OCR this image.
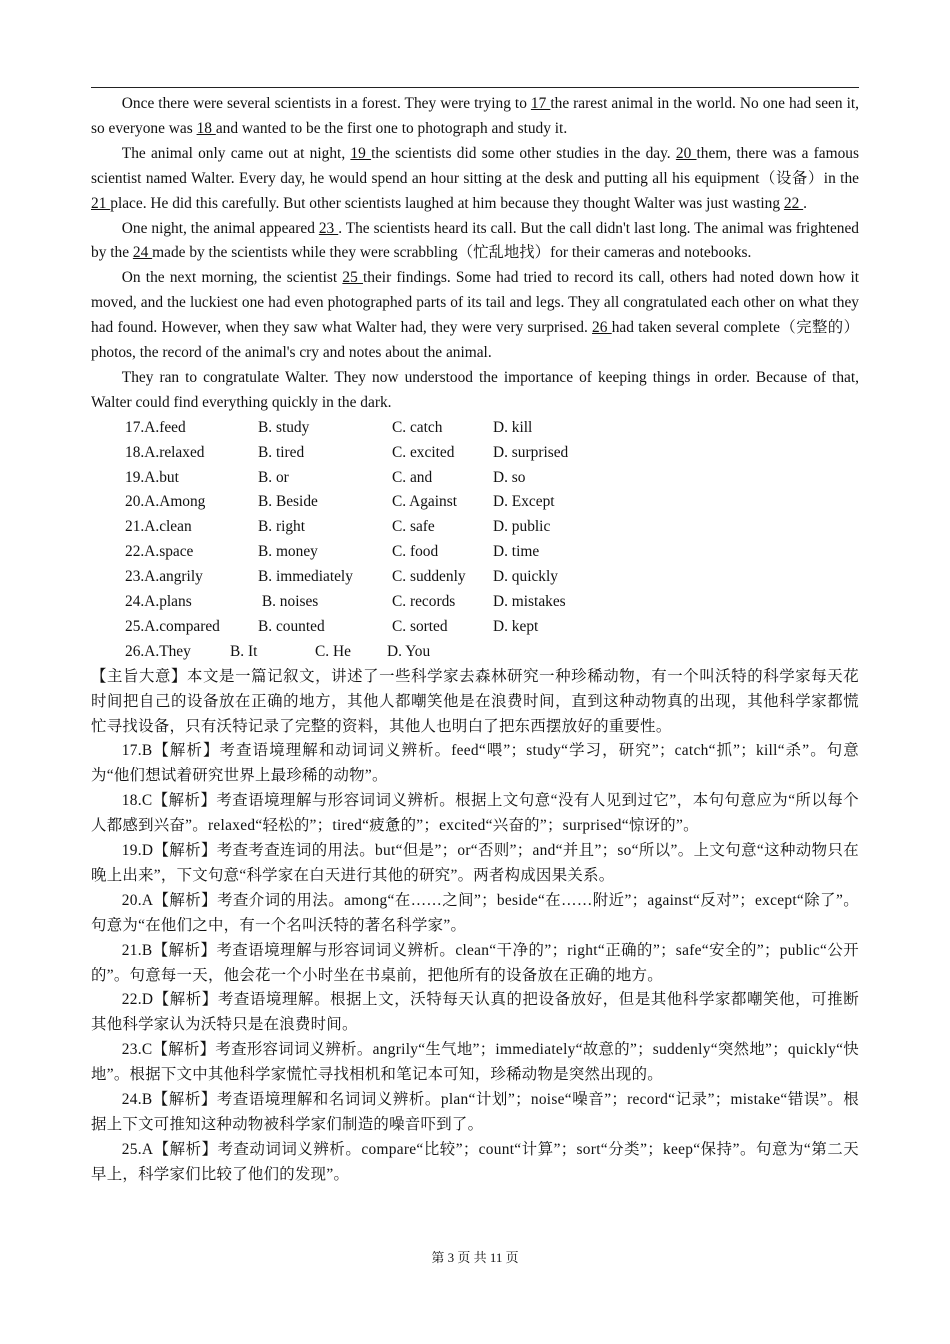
Once there were several scientists in a forest. They were trying to 17 the rarest animal in the world. No one had seen it, so everyone was 18 and wanted to be the first one to photograph and study it.

The animal only came out at night, 19 the scientists did some other studies in the day. 20 them, there was a famous scientist named Walter. Every day, he would spend an hour sitting at the desk and putting all his equipment（设备）in the 21 place. He did this carefully. But other scientists laughed at him because they thought Walter was just wasting 22 .

One night, the animal appeared 23 . The scientists heard its call. But the call didn't last long. The animal was frightened by the 24 made by the scientists while they were scrabbling（忙乱地找）for their cameras and notebooks.

On the next morning, the scientist 25 their findings. Some had tried to record its call, others had noted down how it moved, and the luckiest one had even photographed parts of its tail and legs. They all congratulated each other on what they had found. However, when they saw what Walter had, they were very surprised. 26 had taken several complete（完整的）photos, the record of the animal's cry and notes about the animal.

They ran to congratulate Walter. They now understood the importance of keeping things in order. Because of that, Walter could find everything quickly in the dark.

17.A.feed	B. study	C. catch	D. kill
18.A.relaxed	B. tired	C. excited	D. surprised
19.A.but	B. or	C. and	D. so
20.A.Among	B. Beside	C. Against D. Except
21.A.clean	B. right	C. safe	D. public
22.A.space	B. money	C. food	D. time
23.A.angrily	B. immediately	C. suddenly D. quickly
24.A.plans	B. noises	C. records D. mistakes
25.A.compared B. counted	C. sorted	D. kept
26.A.They	B. It	C. He D. You

【主旨大意】本文是一篇记叙文，讲述了一些科学家去森林研究一种珍稀动物，有一个叫沃特的科学家每天花时间把自己的设备放在正确的地方，其他人都嘲笑他是在浪费时间，直到这种动物真的出现，其他科学家都慌忙寻找设备，只有沃特记录了完整的资料，其他人也明白了把东西摆放好的重要性。

17.B【解析】考查语境理解和动词词义辨析。feed“喂”；study“学习，研究”；catch“抓”；kill“杀”。句意为“他们想试着研究世界上最珍稀的动物”。

18.C【解析】考查语境理解与形容词词义辨析。根据上文句意“没有人见到过它”，本句句意应为“所以每个人都感到兴奋”。relaxed“轻松的”；tired“疲惫的”；excited“兴奋的”；surprised“惊讶的”。

19.D【解析】考查考查连词的用法。but“但是”；or“否则”；and“并且”；so“所以”。上文句意“这种动物只在晚上出来”，下文句意“科学家在白天进行其他的研究”。两者构成因果关系。

20.A【解析】考查介词的用法。among“在……之间”；beside“在……附近”；against“反对”；except“除了”。句意为“在他们之中，有一个名叫沃特的著名科学家”。

21.B【解析】考查语境理解与形容词词义辨析。clean“干净的”；right“正确的”；safe“安全的”；public“公开的”。句意每一天，他会花一个小时坐在书桌前，把他所有的设备放在正确的地方。

22.D【解析】考查语境理解。根据上文，沃特每天认真的把设备放好，但是其他科学家都嘲笑他，可推断其他科学家认为沃特只是在浪费时间。

23.C【解析】考查形容词词义辨析。angrily“生气地”；immediately“故意的”；suddenly“突然地”；quickly“快地”。根据下文中其他科学家慌忙寻找相机和笔记本可知，珍稀动物是突然出现的。

24.B【解析】考查语境理解和名词词义辨析。plan“计划”；noise“噪音”；record“记录”；mistake“错误”。根据上下文可推知这种动物被科学家们制造的噪音吓到了。

25.A【解析】考查动词词义辨析。compare“比较”；count“计算”；sort“分类”；keep“保持”。句意为“第二天早上，科学家们比较了他们的发现”。

第 3 页 共 11 页
